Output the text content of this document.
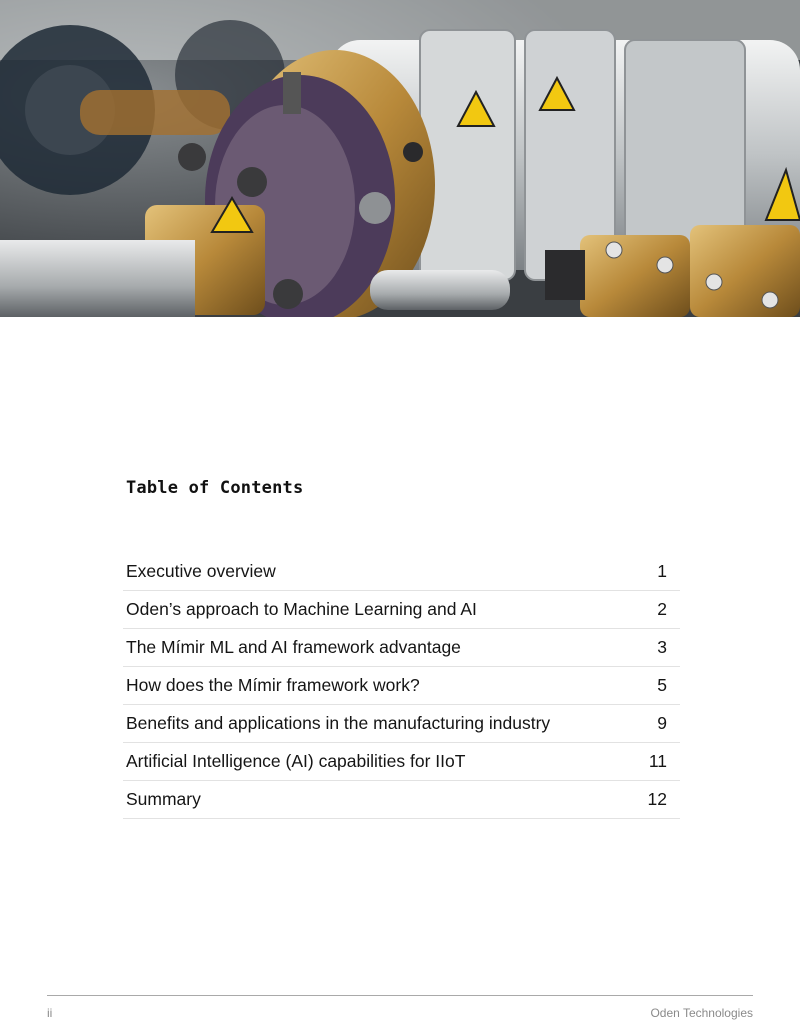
Table of Contents
Executive overview	1
Oden’s approach to Machine Learning and AI	2
The Mímir ML and AI framework advantage	3
How does the Mímir framework work?	5
Benefits and applications in the manufacturing industry	9
Artificial Intelligence (AI) capabilities for IIoT	11
Summary	12
ii	Oden Technologies
